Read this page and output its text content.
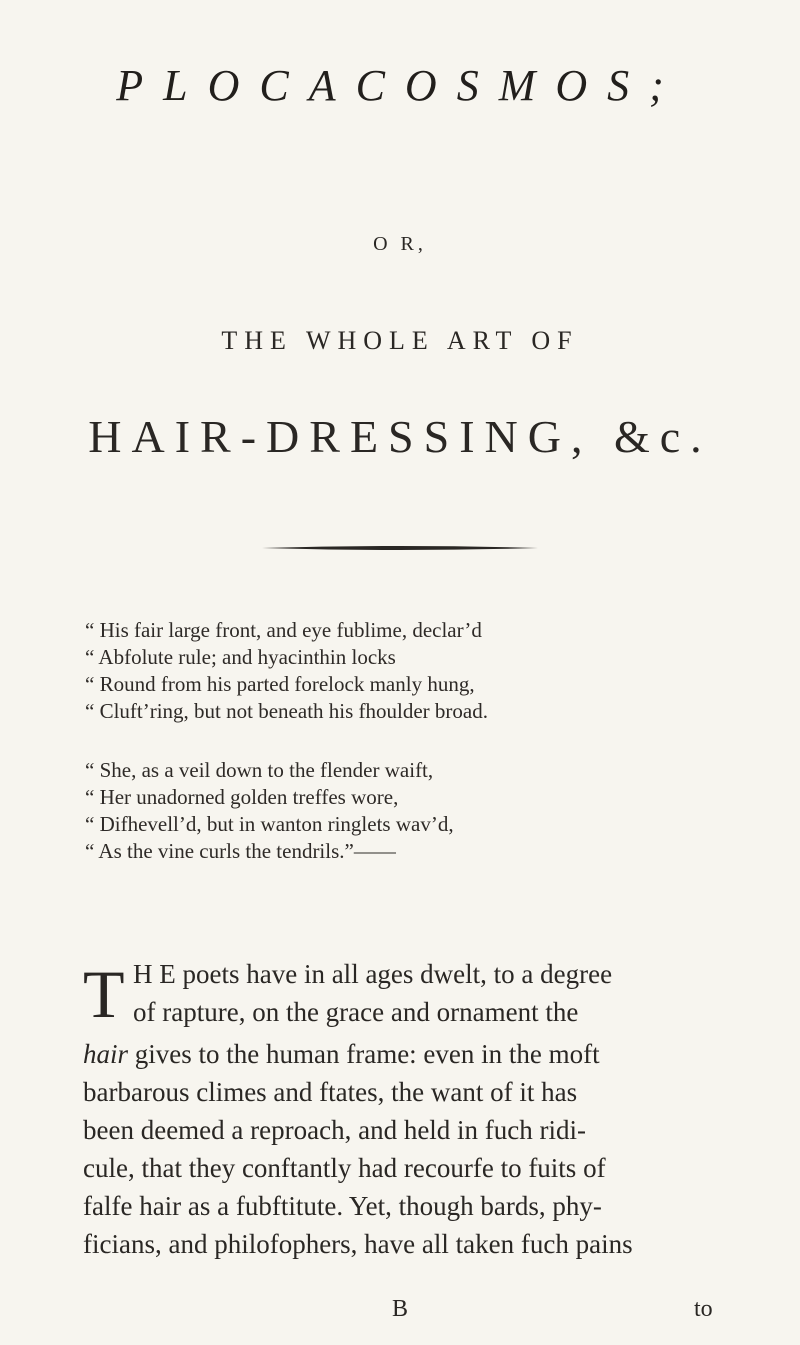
PLOCACOSMOS;
O R,
THE WHOLE ART OF
HAIR-DRESSING, &c.
“ His fair large front, and eye fublime, declar’d
“ Abfolute rule; and hyacinthin locks
“ Round from his parted forelock manly hung,
“ Cluft’ring, but not beneath his fhoulder broad.
“ She, as a veil down to the flender waift,
“ Her unadorned golden treffes wore,
“ Difhevell’d, but in wanton ringlets wav’d,
“ As the vine curls the tendrils.”——
T H E poets have in all ages dwelt, to a degree
of rapture, on the grace and ornament the
hair gives to the human frame: even in the moft
barbarous climes and ftates, the want of it has
been deemed a reproach, and held in fuch ridi-
cule, that they conftantly had recourfe to fuits of
falfe hair as a fubftitute. Yet, though bards, phy-
ficians, and philofophers, have all taken fuch pains
B	to
